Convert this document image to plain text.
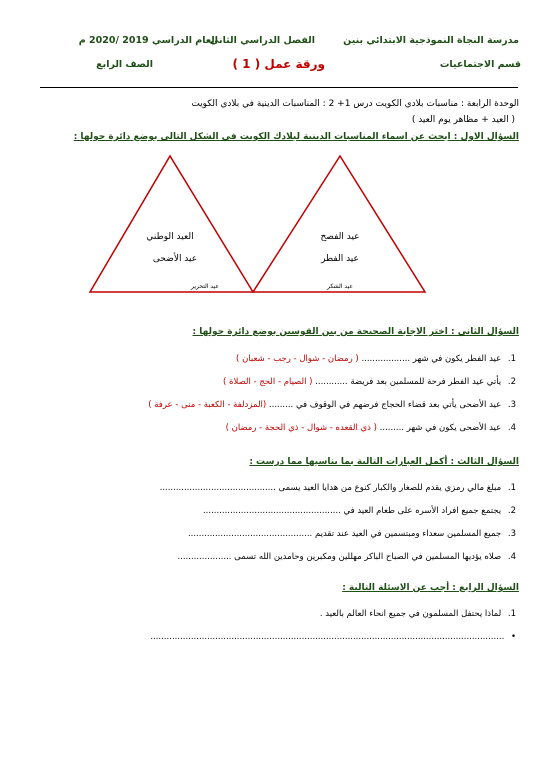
مدرسة النجاة النموذجية الابتدائي بنين
الفصل الدراسي الثاني
العام الدراسي 2019 /2020 م
قسم الاجتماعيات
ورقة عمل ( 1 )
الصف الرابع
الوحدة الرابعة : مناسبات بلادي الكويت درس 1+ 2 : المناسبات الدينية في بلادي الكويت
( العيد + مظاهر يوم العيد )
السؤال الاول : ابحث عن اسماء المناسبات الدينية لبلادك الكويت في الشكل التالي بوضع دائرة حولها :
العيد الوطني
عيد الأضحى
عيد التحرير
عيد الفصح
عيد الفطر
عيد الشكر
السؤال الثاني : اختر الاجابة الصحيحة من بين القوسين بوضع دائرة حولها :
1. عيد الفطر يكون في شهر .................. ( رمضان - شوال - رجب - شعبان )
2. يأتي عيد الفطر فرحة للمسلمين بعد فريضة ............ ( الصيام - الحج - الصلاة )
3. عيد الأضحى يأتي بعد قضاء الحجاج فرضهم في الوقوف في ......... (المزدلفة - الكعبة - منى - عرفة )
4. عيد الأضحى يكون في شهر ......... ( ذي القعده - شوال - ذي الحجة - رمضان )
السؤال الثالث : أكمل العبارات التالية بما يناسبها مما درست :
1. مبلغ مالي رمزي يقدم للصغار والكبار كنوع من هدايا العيد يسمى ...........................................
2. يجتمع جميع افراد الأسره على طعام العيد في ...................................................
3. جميع المسلمين سعداء ومبتسمين في العيد عند تقديم ..............................................
4. صلاه يؤديها المسلمين في الصباح الباكر مهللين ومكبرين وحامدين الله تسمى ....................
السؤال الرابع : أجب عن الاسئلة التالية :
1. لماذا يحتفل المسلمون في جميع انحاء العالم بالعيد .
• ...................................................................................................................................
